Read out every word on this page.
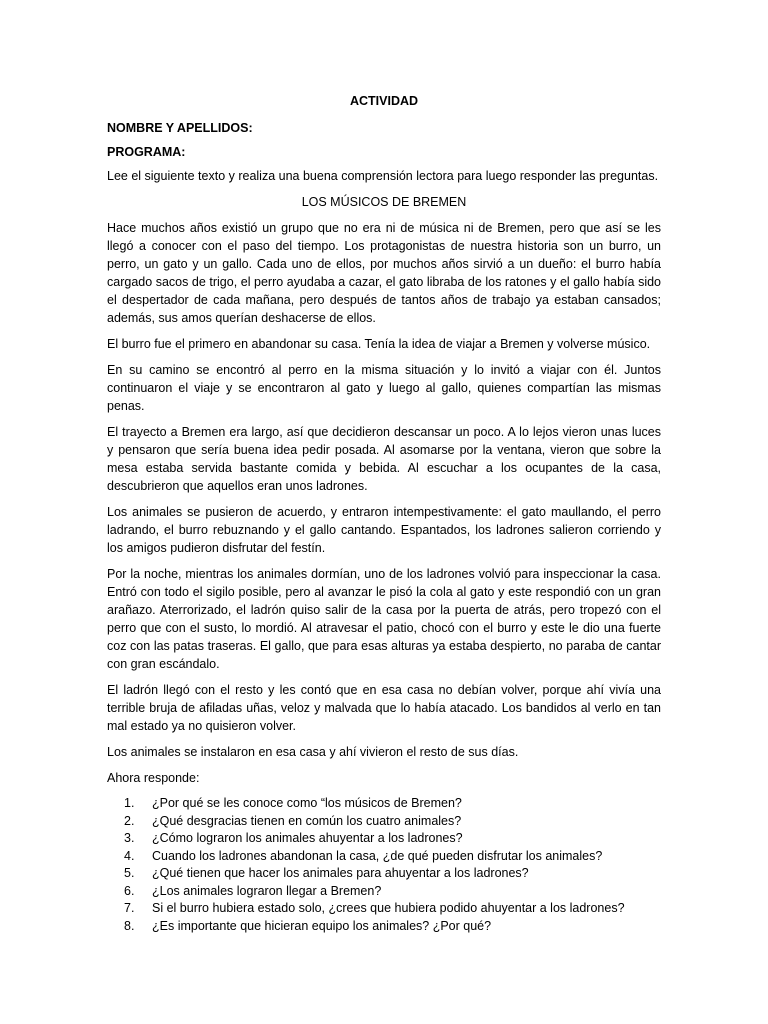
ACTIVIDAD
NOMBRE Y APELLIDOS:
PROGRAMA:

Lee el siguiente texto y realiza una buena comprensión lectora para luego responder las preguntas.

LOS MÚSICOS DE BREMEN

Hace muchos años existió un grupo que no era ni de música ni de Bremen, pero que así se les llegó a conocer con el paso del tiempo. Los protagonistas de nuestra historia son un burro, un perro, un gato y un gallo. Cada uno de ellos, por muchos años sirvió a un dueño: el burro había cargado sacos de trigo, el perro ayudaba a cazar, el gato libraba de los ratones y el gallo había sido el despertador de cada mañana, pero después de tantos años de trabajo ya estaban cansados; además, sus amos querían deshacerse de ellos.

El burro fue el primero en abandonar su casa. Tenía la idea de viajar a Bremen y volverse músico.

En su camino se encontró al perro en la misma situación y lo invitó a viajar con él. Juntos continuaron el viaje y se encontraron al gato y luego al gallo, quienes compartían las mismas penas.

El trayecto a Bremen era largo, así que decidieron descansar un poco. A lo lejos vieron unas luces y pensaron que sería buena idea pedir posada. Al asomarse por la ventana, vieron que sobre la mesa estaba servida bastante comida y bebida. Al escuchar a los ocupantes de la casa, descubrieron que aquellos eran unos ladrones.

Los animales se pusieron de acuerdo, y entraron intempestivamente: el gato maullando, el perro ladrando, el burro rebuznando y el gallo cantando. Espantados, los ladrones salieron corriendo y los amigos pudieron disfrutar del festín.

Por la noche, mientras los animales dormían, uno de los ladrones volvió para inspeccionar la casa. Entró con todo el sigilo posible, pero al avanzar le pisó la cola al gato y este respondió con un gran arañazo. Aterrorizado, el ladrón quiso salir de la casa por la puerta de atrás, pero tropezó con el perro que con el susto, lo mordió. Al atravesar el patio, chocó con el burro y este le dio una fuerte coz con las patas traseras. El gallo, que para esas alturas ya estaba despierto, no paraba de cantar con gran escándalo.

El ladrón llegó con el resto y les contó que en esa casa no debían volver, porque ahí vivía una terrible bruja de afiladas uñas, veloz y malvada que lo había atacado. Los bandidos al verlo en tan mal estado ya no quisieron volver.

Los animales se instalaron en esa casa y ahí vivieron el resto de sus días.

Ahora responde:

1.	¿Por qué se les conoce como “los músicos de Bremen?
2.	¿Qué desgracias tienen en común los cuatro animales?
3.	¿Cómo lograron los animales ahuyentar a los ladrones?
4.	Cuando los ladrones abandonan la casa, ¿de qué pueden disfrutar los animales?
5.	¿Qué tienen que hacer los animales para ahuyentar a los ladrones?
6.	¿Los animales lograron llegar a Bremen?
7.	Si el burro hubiera estado solo, ¿crees que hubiera podido ahuyentar a los ladrones?
8.	¿Es importante que hicieran equipo los animales? ¿Por qué?
